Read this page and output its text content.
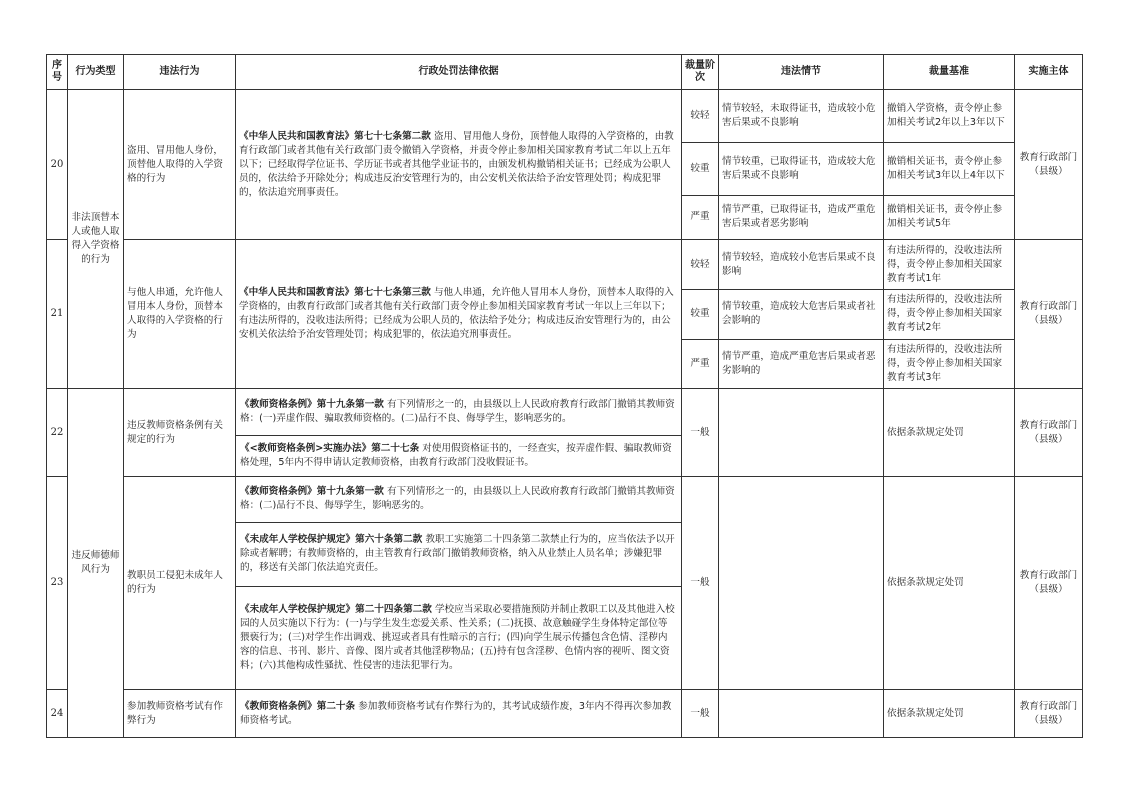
序号	行为类型	违法行为	行政处罚法律依据	裁量阶次	违法情节	裁量基准	实施主体
20	非法顶替本人或他人取得入学资格的行为	盗用、冒用他人身份，顶替他人取得的入学资格的行为	《中华人民共和国教育法》第七十七条第二款 盗用、冒用他人身份，顶替他人取得的入学资格的，由教育行政部门或者其他有关行政部门责令撤销入学资格，并责令停止参加相关国家教育考试二年以上五年以下；已经取得学位证书、学历证书或者其他学业证书的，由颁发机构撤销相关证书；已经成为公职人员的，依法给予开除处分；构成违反治安管理行为的，由公安机关依法给予治安管理处罚；构成犯罪的，依法追究刑事责任。	较轻	情节较轻，未取得证书，造成较小危害后果或不良影响	撤销入学资格，责令停止参加相关考试2年以上3年以下	教育行政部门（县级）
				较重	情节较重，已取得证书，造成较大危害后果或不良影响	撤销相关证书，责令停止参加相关考试3年以上4年以下	
				严重	情节严重，已取得证书，造成严重危害后果或者恶劣影响	撤销相关证书，责令停止参加相关考试5年	
21		与他人串通，允许他人冒用本人身份，顶替本人取得的入学资格的行为	《中华人民共和国教育法》第七十七条第三款 与他人串通，允许他人冒用本人身份，顶替本人取得的入学资格的，由教育行政部门或者其他有关行政部门责令停止参加相关国家教育考试一年以上三年以下；有违法所得的，没收违法所得；已经成为公职人员的，依法给予处分；构成违反治安管理行为的，由公安机关依法给予治安管理处罚；构成犯罪的，依法追究刑事责任。	较轻	情节较轻，造成较小危害后果或不良影响	有违法所得的，没收违法所得，责令停止参加相关国家教育考试1年	教育行政部门（县级）
				较重	情节较重，造成较大危害后果或者社会影响的	有违法所得的，没收违法所得，责令停止参加相关国家教育考试2年	
				严重	情节严重，造成严重危害后果或者恶劣影响的	有违法所得的，没收违法所得，责令停止参加相关国家教育考试3年	
22	违反师德师风行为	违反教师资格条例有关规定的行为	《教师资格条例》第十九条第一款 有下列情形之一的，由县级以上人民政府教育行政部门撤销其教师资格：(一)弄虚作假、骗取教师资格的。(二)品行不良、侮辱学生，影响恶劣的。	一般		依据条款规定处罚	教育行政部门（县级）

			《<教师资格条例>实施办法》第二十七条 对使用假资格证书的，一经查实，按弄虚作假、骗取教师资格处理，5年内不得申请认定教师资格，由教育行政部门没收假证书。				

23		教职员工侵犯未成年人的行为	《教师资格条例》第十九条第一款 有下列情形之一的，由县级以上人民政府教育行政部门撤销其教师资格：(二)品行不良、侮辱学生，影响恶劣的。	一般		依据条款规定处罚	教育行政部门（县级）

			《未成年人学校保护规定》第六十条第二款 教职工实施第二十四条第二款禁止行为的，应当依法予以开除或者解聘；有教师资格的，由主管教育行政部门撤销教师资格，纳入从业禁止人员名单；涉嫌犯罪的，移送有关部门依法追究责任。				

			《未成年人学校保护规定》第二十四条第二款 学校应当采取必要措施预防并制止教职工以及其他进入校园的人员实施以下行为：(一)与学生发生恋爱关系、性关系；(二)抚摸、故意触碰学生身体特定部位等猥亵行为；(三)对学生作出调戏、挑逗或者具有性暗示的言行；(四)向学生展示传播包含色情、淫秽内容的信息、书刊、影片、音像、图片或者其他淫秽物品；(五)持有包含淫秽、色情内容的视听、图文资料；(六)其他构成性骚扰、性侵害的违法犯罪行为。				

24		参加教师资格考试有作弊行为	《教师资格条例》第二十条 参加教师资格考试有作弊行为的，其考试成绩作废，3年内不得再次参加教师资格考试。	一般		依据条款规定处罚	教育行政部门（县级）
